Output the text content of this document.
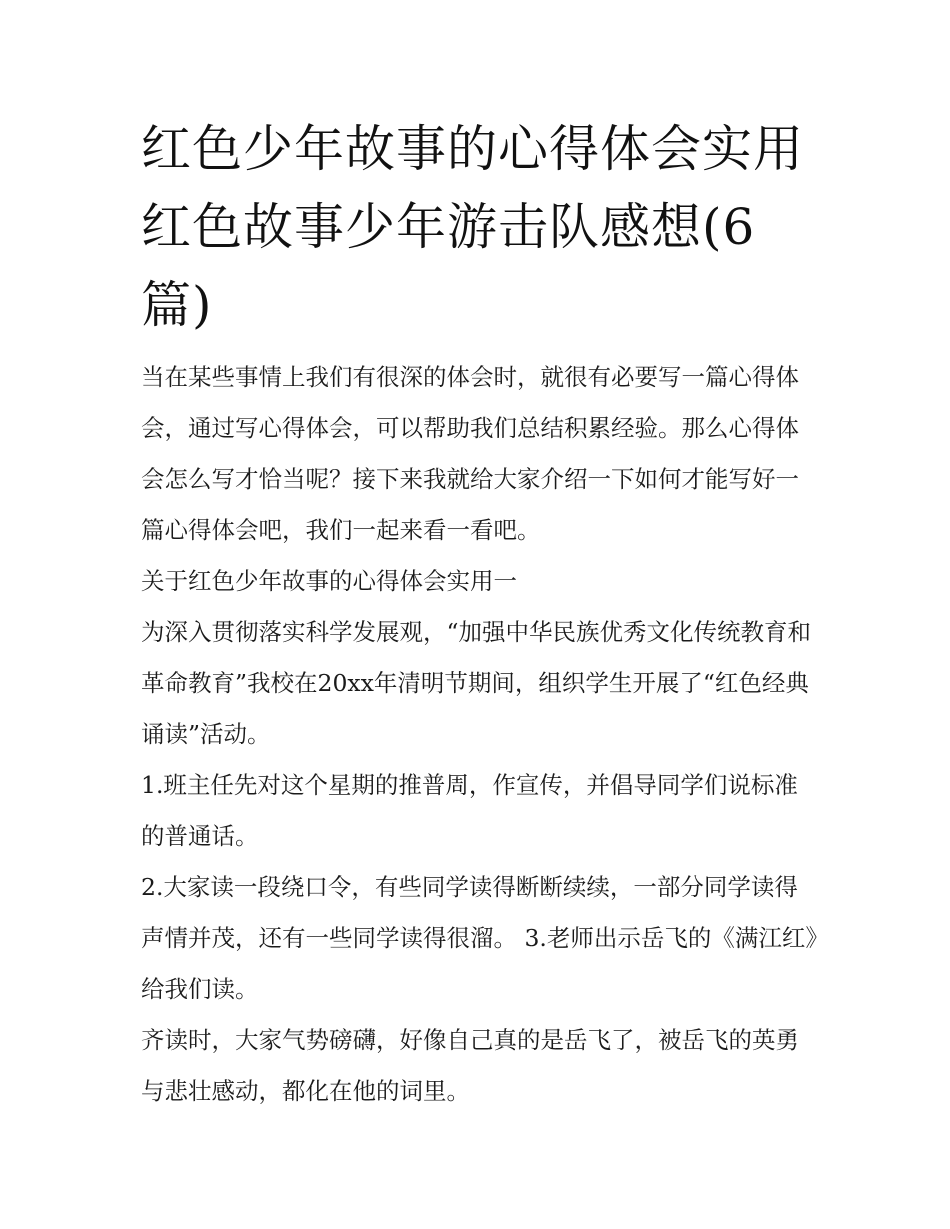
红色少年故事的心得体会实用红色故事少年游击队感想(6篇)

当在某些事情上我们有很深的体会时，就很有必要写一篇心得体会，通过写心得体会，可以帮助我们总结积累经验。那么心得体会怎么写才恰当呢？接下来我就给大家介绍一下如何才能写好一篇心得体会吧，我们一起来看一看吧。

关于红色少年故事的心得体会实用一

为深入贯彻落实科学发展观，“加强中华民族优秀文化传统教育和革命教育”我校在20xx年清明节期间，组织学生开展了“红色经典诵读”活动。

1.班主任先对这个星期的推普周，作宣传，并倡导同学们说标准的普通话。

2.大家读一段绕口令，有些同学读得断断续续，一部分同学读得声情并茂，还有一些同学读得很溜。 3.老师出示岳飞的《满江红》给我们读。

齐读时，大家气势磅礴，好像自己真的是岳飞了，被岳飞的英勇与悲壮感动，都化在他的词里。
